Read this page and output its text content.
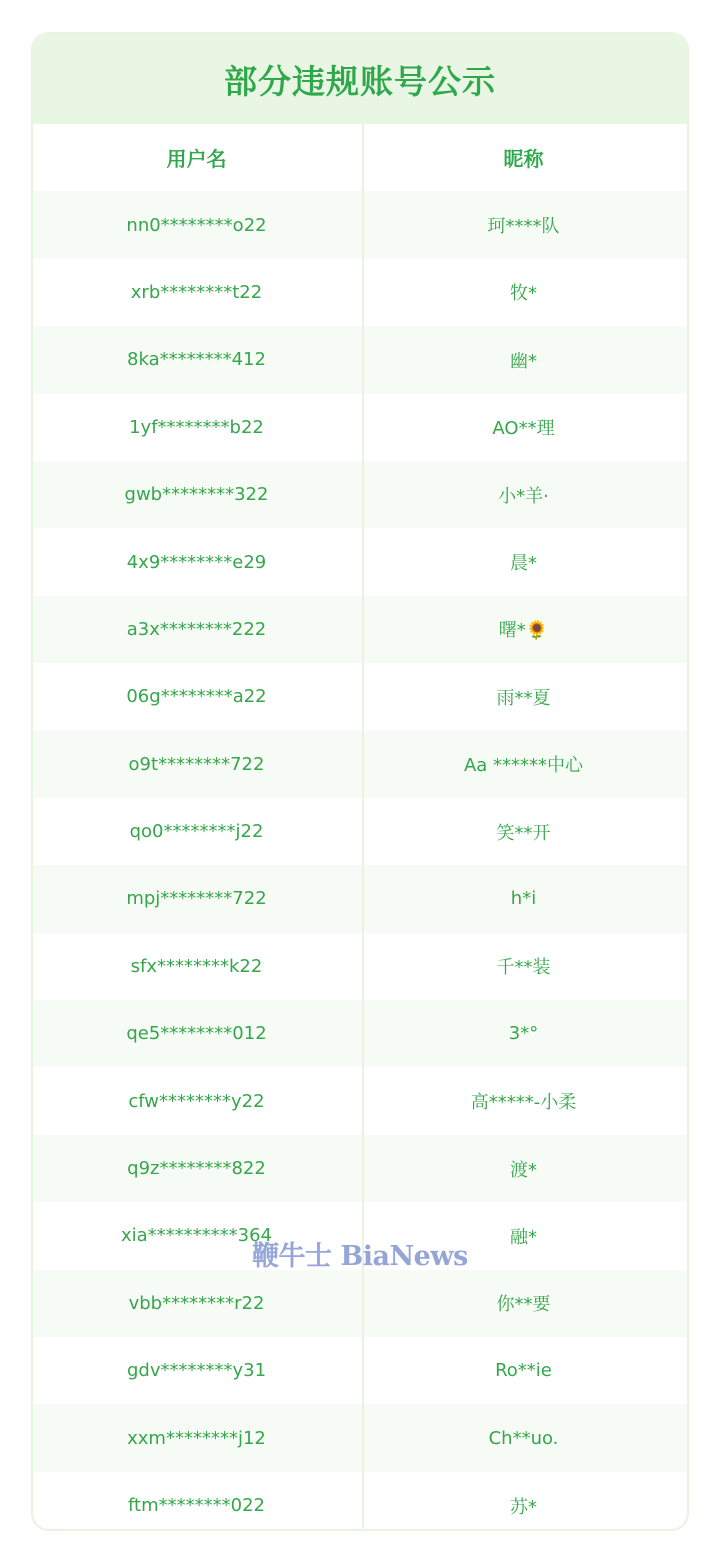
部分违规账号公示
用户名	昵称
nn0********o22	珂****队
xrb********t22	牧*
8ka********412	幽*
1yf********b22	AO**理
gwb********322	小*羊·
4x9********e29	晨*
a3x********222	曙*🌻
06g********a22	雨**夏
o9t********722	Aa ******中心
qo0********j22	笑**开
mpj********722	h*i
sfx********k22	千**装
qe5********012	3*°
cfw********y22	高*****-小柔
q9z********822	渡*
xia**********364	融*
vbb********r22	你**要
gdv********y31	Ro**ie
xxm********j12	Ch**uo.
ftm********022	苏*
鞭牛士 BiaNews
